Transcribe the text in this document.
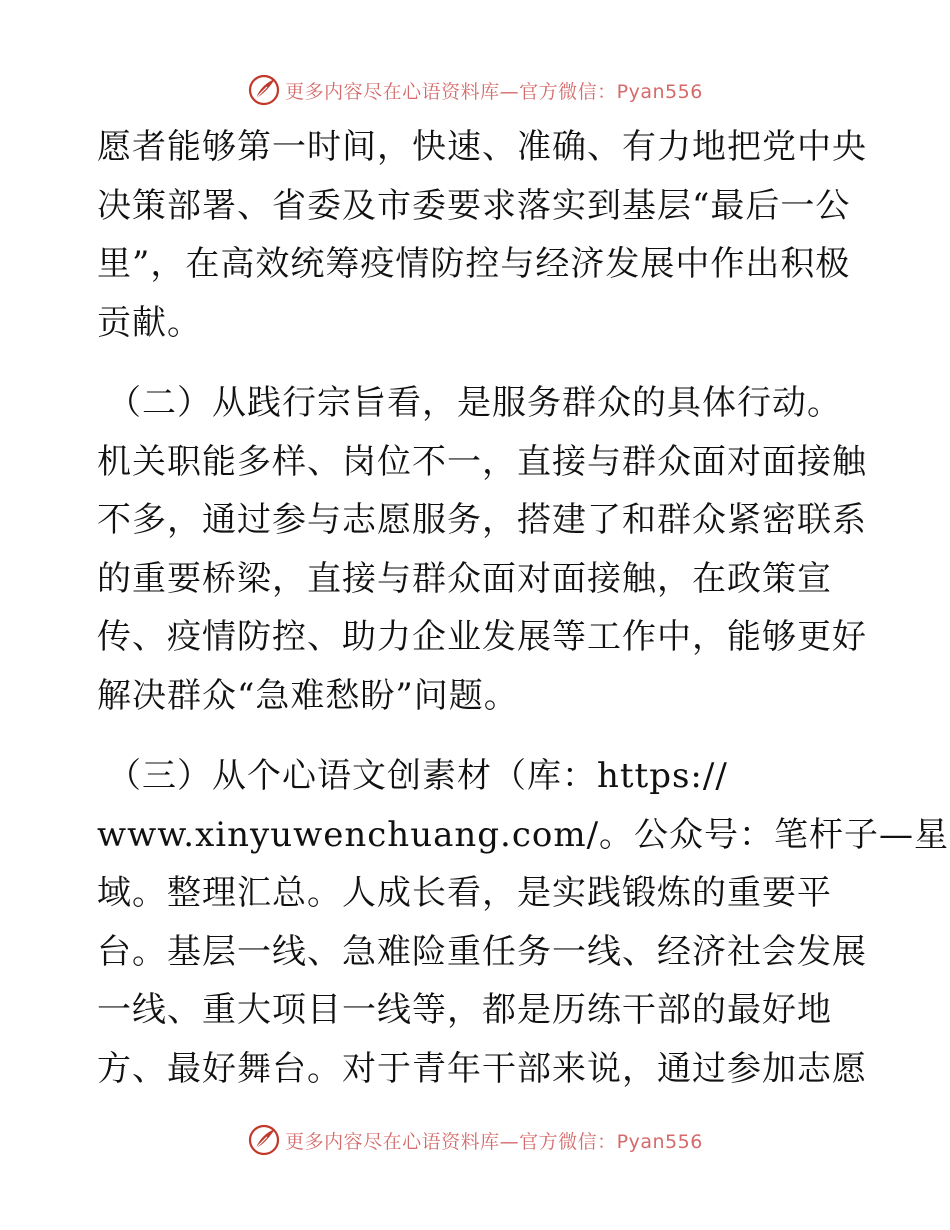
更多内容尽在心语资料库—官方微信：Pyan556
愿者能够第一时间，快速、准确、有力地把党中央
决策部署、省委及市委要求落实到基层“最后一公
里”，在高效统筹疫情防控与经济发展中作出积极
贡献。
（二）从践行宗旨看，是服务群众的具体行动。
机关职能多样、岗位不一，直接与群众面对面接触
不多，通过参与志愿服务，搭建了和群众紧密联系
的重要桥梁，直接与群众面对面接触，在政策宣
传、疫情防控、助力企业发展等工作中，能够更好
解决群众“急难愁盼”问题。
（三）从个心语文创素材（库：https://
www.xinyuwenchuang.com/。公众号：笔杆子—星
域。整理汇总。人成长看，是实践锻炼的重要平
台。基层一线、急难险重任务一线、经济社会发展
一线、重大项目一线等，都是历练干部的最好地
方、最好舞台。对于青年干部来说，通过参加志愿
更多内容尽在心语资料库—官方微信：Pyan556
